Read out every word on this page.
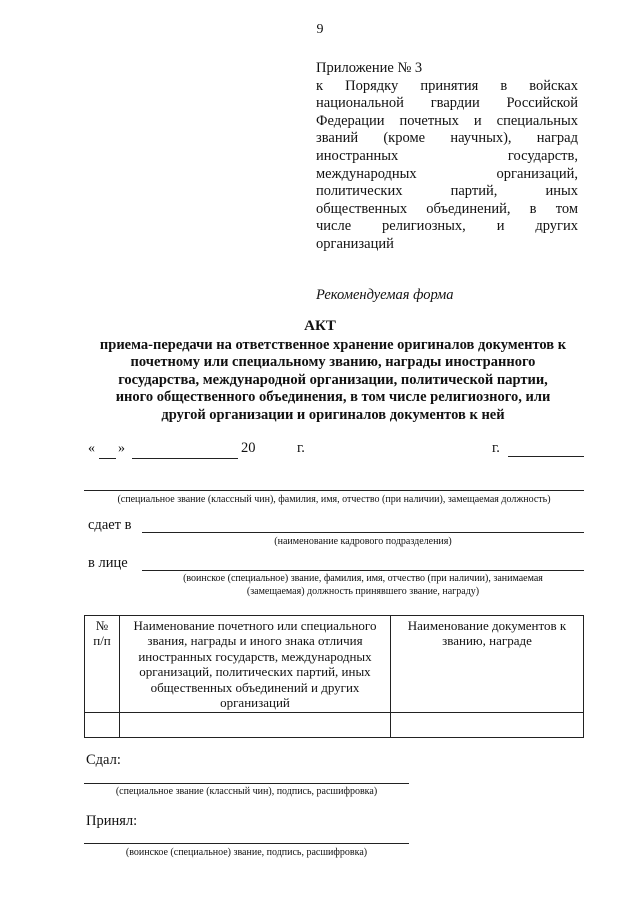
9
Приложение № 3
к Порядку принятия в войсках
национальной гвардии Российской
Федерации почетных и специальных
званий (кроме научных), наград
иностранных государств,
международных организаций,
политических партий, иных
общественных объединений, в том
числе религиозных, и других
организаций
Рекомендуемая форма
АКТ
приема-передачи на ответственное хранение оригиналов документов к
почетному или специальному званию, награды иностранного
государства, международной организации, политической партии,
иного общественного объединения, в том числе религиозного, или
другой организации и оригиналов документов к ней
« »	20	г.	г.
(специальное звание (классный чин), фамилия, имя, отчество (при наличии), замещаемая должность)
сдает в
(наименование кадрового подразделения)
в лице
(воинское (специальное) звание, фамилия, имя, отчество (при наличии), занимаемая
(замещаемая) должность принявшего звание, награду)
№ п/п	Наименование почетного или специального звания, награды и иного знака отличия иностранных государств, международных организаций, политических партий, иных общественных объединений и других организаций	Наименование документов к званию, награде

Сдал:
(специальное звание (классный чин), подпись, расшифровка)
Принял:
(воинское (специальное) звание, подпись, расшифровка)
